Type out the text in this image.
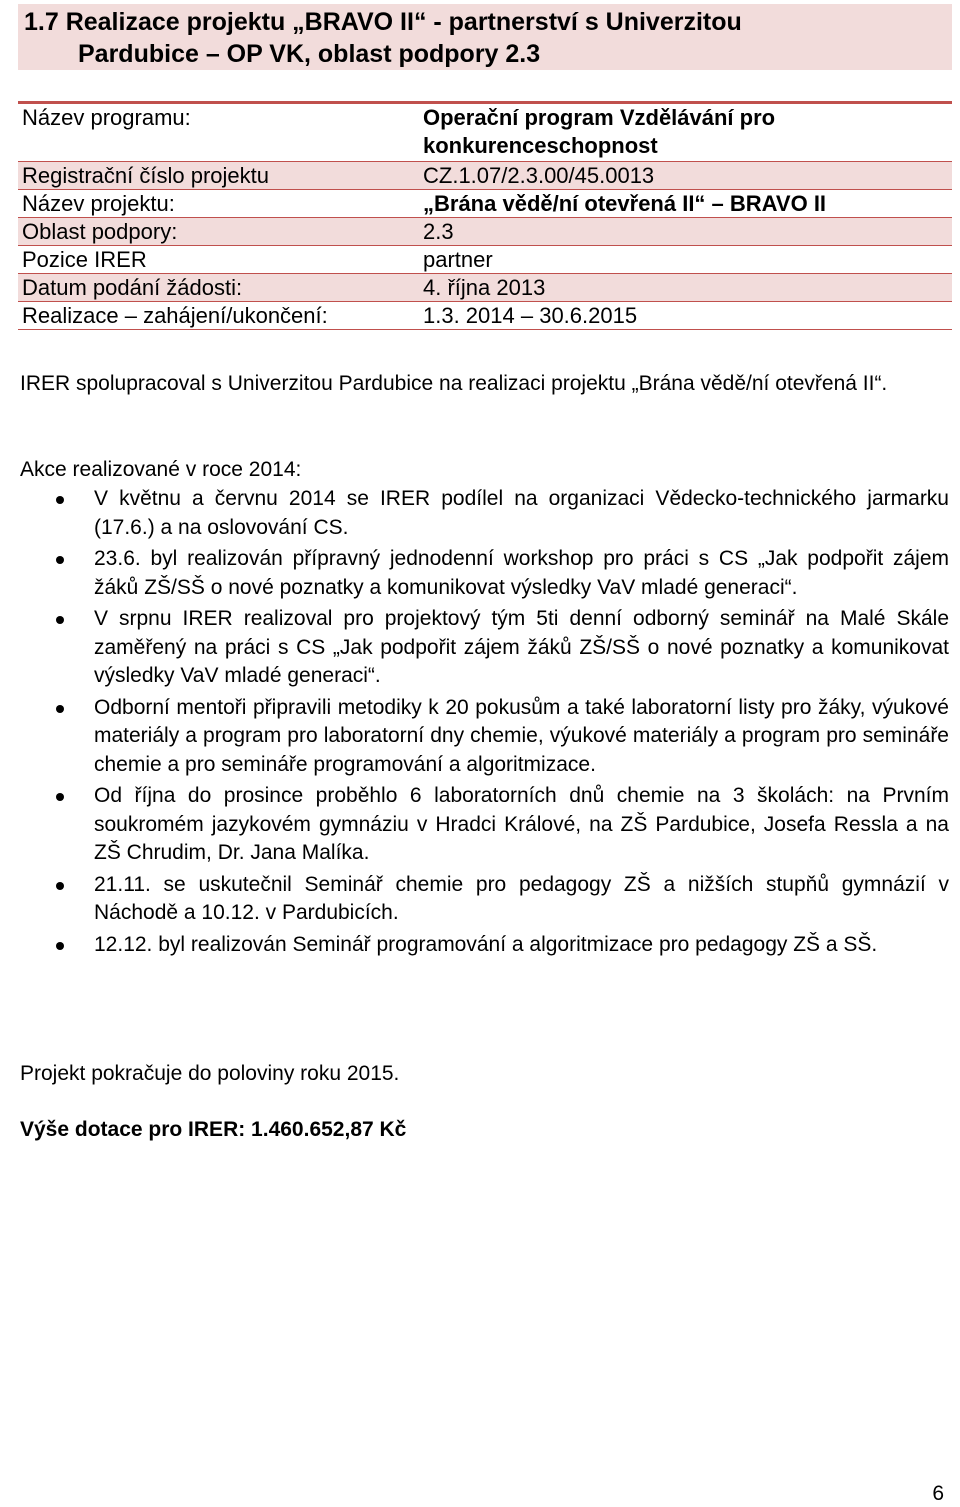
1.7 Realizace projektu „BRAVO II“ - partnerství s Univerzitou
Pardubice – OP VK, oblast podpory 2.3
Název programu:	Operační program Vzdělávání pro konkurenceschopnost
Registrační číslo projektu	CZ.1.07/2.3.00/45.0013
Název projektu:	„Brána vědě/ní otevřená II“ – BRAVO II
Oblast podpory:	2.3
Pozice IRER	partner
Datum podání žádosti:	4. října 2013
Realizace – zahájení/ukončení:	1.3. 2014 – 30.6.2015
IRER spolupracoval s Univerzitou Pardubice na realizaci projektu „Brána vědě/ní otevřená II“.
Akce realizované v roce 2014:
V květnu a červnu 2014 se IRER podílel na organizaci Vědecko-technického jarmarku (17.6.) a na oslovování CS.
23.6. byl realizován přípravný jednodenní workshop pro práci s CS „Jak podpořit zájem žáků ZŠ/SŠ o nové poznatky a komunikovat výsledky VaV mladé generaci“.
V srpnu IRER realizoval pro projektový tým 5ti denní odborný seminář na Malé Skále zaměřený na práci s CS „Jak podpořit zájem žáků ZŠ/SŠ o nové poznatky a komunikovat výsledky VaV mladé generaci“.
Odborní mentoři připravili metodiky k 20 pokusům a také laboratorní listy pro žáky, výukové materiály a program pro laboratorní dny chemie, výukové materiály a program pro semináře chemie a pro semináře programování a algoritmizace.
Od října do prosince proběhlo 6 laboratorních dnů chemie na 3 školách: na Prvním soukromém jazykovém gymnáziu v Hradci Králové, na ZŠ Pardubice, Josefa Ressla a na ZŠ Chrudim, Dr. Jana Malíka.
21.11. se uskutečnil Seminář chemie pro pedagogy ZŠ a nižších stupňů gymnázií v Náchodě a 10.12. v Pardubicích.
12.12. byl realizován Seminář programování a algoritmizace pro pedagogy ZŠ a SŠ.
Projekt pokračuje do poloviny roku 2015.
Výše dotace pro IRER: 1.460.652,87 Kč
6
